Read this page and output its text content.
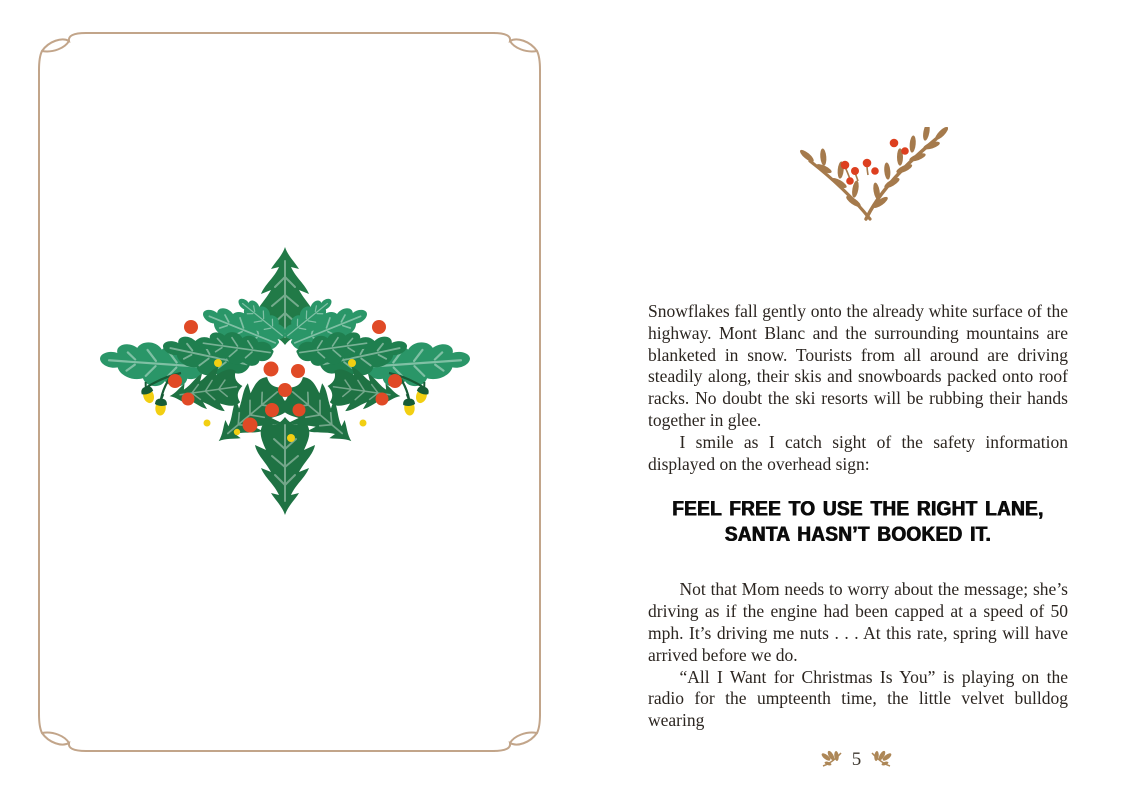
Snowflakes fall gently onto the already white surface of the highway. Mont Blanc and the surrounding mountains are blanketed in snow. Tourists from all around are driving steadily along, their skis and snowboards packed onto roof racks. No doubt the ski resorts will be rubbing their hands together in glee.

I smile as I catch sight of the safety information displayed on the overhead sign:

FEEL FREE TO USE THE RIGHT LANE,
SANTA HASN’T BOOKED IT.

Not that Mom needs to worry about the message; she’s driving as if the engine had been capped at a speed of 50 mph. It’s driving me nuts . . . At this rate, spring will have arrived before we do.

“All I Want for Christmas Is You” is playing on the radio for the umpteenth time, the little velvet bulldog wearing

5
